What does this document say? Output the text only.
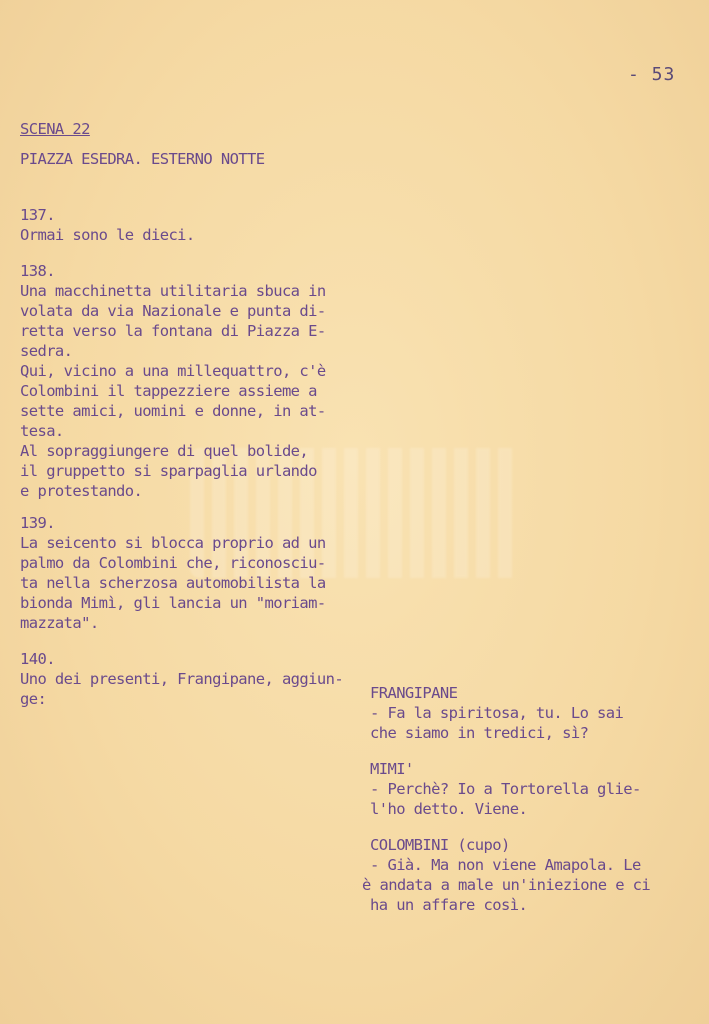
- 53
SCENA 22
PIAZZA ESEDRA. ESTERNO NOTTE
137.
Ormai sono le dieci.
138.
Una macchinetta utilitaria sbuca in
volata da via Nazionale e punta di-
retta verso la fontana di Piazza E-
sedra.
Qui, vicino a una millequattro, c'è
Colombini il tappezziere assieme a
sette amici, uomini e donne, in at-
tesa.
Al sopraggiungere di quel bolide,
il gruppetto si sparpaglia urlando
e protestando.
139.
La seicento si blocca proprio ad un
palmo da Colombini che, riconosciu-
ta nella scherzosa automobilista la
bionda Mimì, gli lancia un "moriam-
mazzata".
140.
Uno dei presenti, Frangipane, aggiun-
ge:	FRANGIPANE
- Fa la spiritosa, tu. Lo sai
che siamo in tredici, sì?
MIMI'
- Perchè? Io a Tortorella glie-
l'ho detto. Viene.
COLOMBINI (cupo)
- Già. Ma non viene Amapola. Le
è andata a male un'iniezione e ci
ha un affare così.
